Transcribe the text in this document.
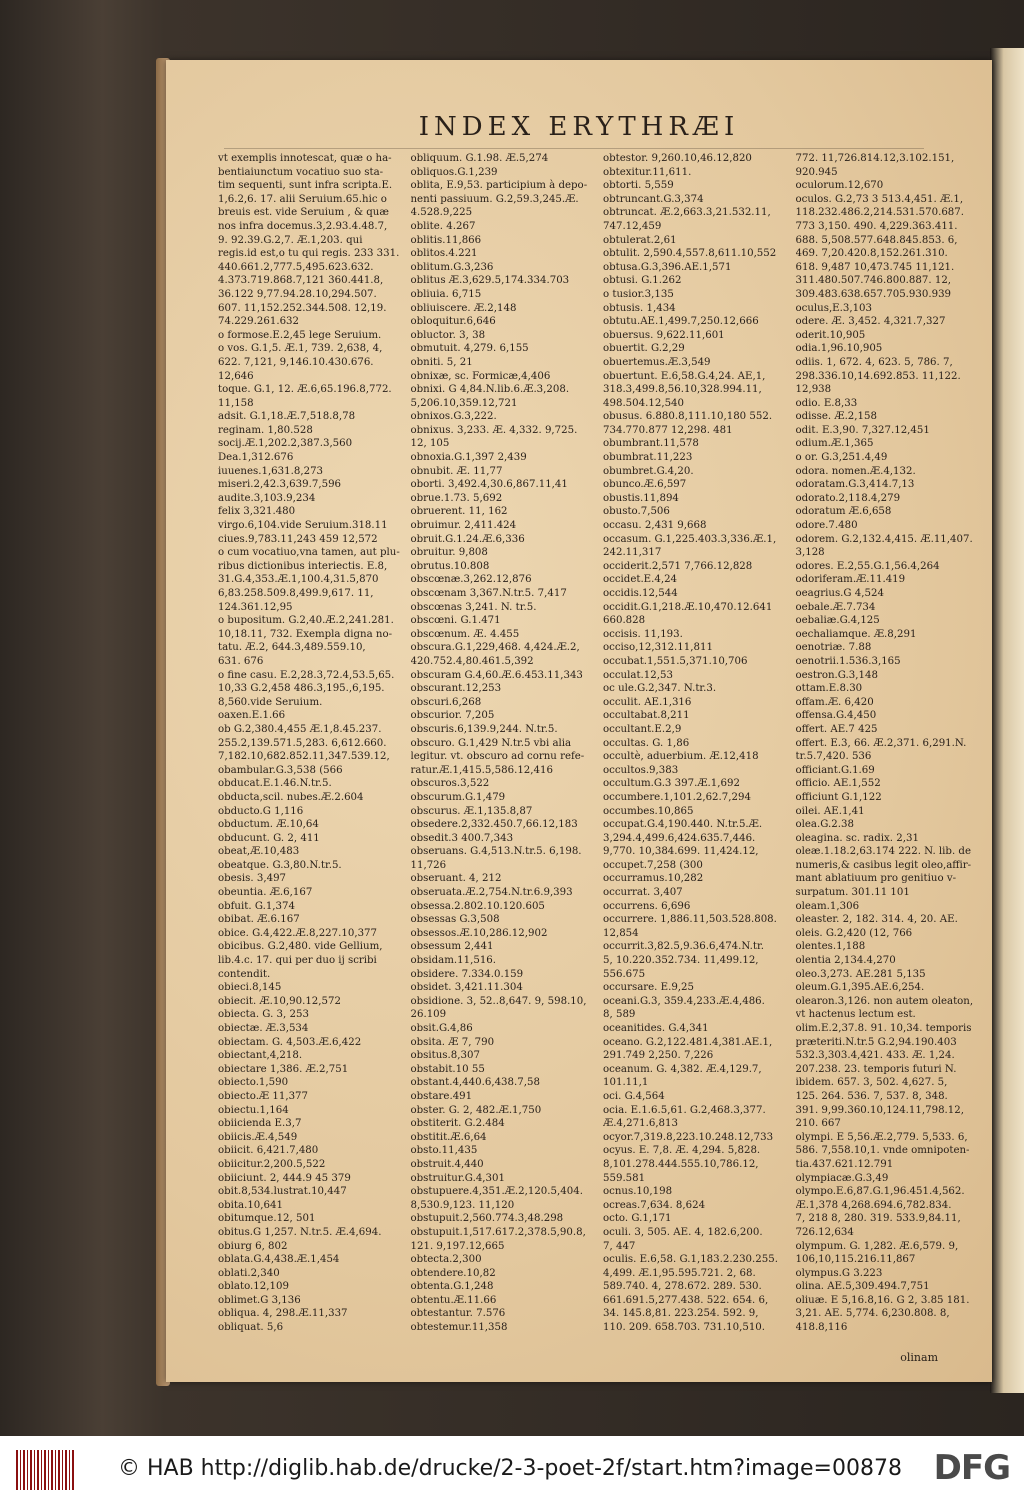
INDEX ERYTHRÆI
vt exemplis innotescat, quæ o ha-
bentiaiunctum vocatiuo suo sta-
tim sequenti, sunt infra scripta.E.
1,6.2,6. 17. alii Seruium.65.hic o
breuis est. vide Seruium , & quæ
nos infra docemus.3,2.93.4.48.7,
9. 92.39.G.2,7. Æ.1,203. qui
regis.id est,o tu qui regis. 233 331.
440.661.2,777.5,495.623.632.
4.373.719.868.7,121 360.441.8,
36.122 9,77.94.28.10,294.507.
607. 11,152.252.344.508. 12,19.
74.229.261.632
o formose.E.2,45 lege Seruium.
o vos. G.1,5. Æ.1, 739. 2,638, 4,
622. 7,121, 9,146.10.430.676.
12,646
toque. G.1, 12. Æ.6,65.196.8,772.
11,158
adsit. G.1,18.Æ.7,518.8,78
reginam. 1,80.528
socij.Æ.1,202.2,387.3,560
Dea.1,312.676
iuuenes.1,631.8,273
miseri.2,42.3,639.7,596
audite.3,103.9,234
felix 3,321.480
virgo.6,104.vide Seruium.318.11
ciues.9,783.11,243 459 12,572
o cum vocatiuo,vna tamen, aut plu-
ribus dictionibus interiectis. E.8,
31.G.4,353.Æ.1,100.4,31.5,870
6,83.258.509.8,499.9,617. 11,
124.361.12,95
o bupositum. G.2,40.Æ.2,241.281.
10,18.11, 732. Exempla digna no-
tatu. Æ.2, 644.3,489.559.10,
631. 676
o fine casu. E.2,28.3,72.4,53.5,65.
10,33 G.2,458 486.3,195.,6,195.
8,560.vide Seruium.
oaxen.E.1.66
ob G.2,380.4,455 Æ.1,8.45.237.
255.2,139.571.5,283. 6,612.660.
7,182.10,682.852.11,347.539.12,
obambular.G.3,538 (566
obducat.E.1.46.N.tr.5.
obducta,scil. nubes.Æ.2.604
obducto.G 1,116
obductum. Æ.10,64
obducunt. G. 2, 411
obeat,Æ.10,483
obeatque. G.3,80.N.tr.5.
obesis. 3,497
obeuntia. Æ.6,167
obfuit. G.1,374
obibat. Æ.6.167
obice. G.4,422.Æ.8,227.10,377
obicibus. G.2,480. vide Gellium,
lib.4.c. 17. qui per duo ij scribi
contendit.
obieci.8,145
obiecit. Æ.10,90.12,572
obiecta. G. 3, 253
obiectæ. Æ.3,534
obiectam. G. 4,503.Æ.6,422
obiectant,4,218.
obiectare 1,386. Æ.2,751
obiecto.1,590
obiecto.Æ 11,377
obiectu.1,164
obiicienda E.3,7
obiicis.Æ.4,549
obiicit. 6,421.7,480
obiicitur.2,200.5,522
obiiciunt. 2, 444.9 45 379
obit.8,534.lustrat.10,447
obita.10,641
obitumque.12, 501
obitus.G 1,257. N.tr.5. Æ.4,694.
obiurg 6, 802
oblata.G.4,438.Æ.1,454
oblati.2,340
oblato.12,109
oblimet.G 3,136
obliqua. 4, 298.Æ.11,337
obliquat. 5,6
obliquum. G.1.98. Æ.5,274
obliquos.G.1,239
oblita, E.9,53. participium à depo-
nenti passiuum. G.2,59.3,245.Æ.
4.528.9,225
oblite. 4.267
oblitis.11,866
oblitos.4.221
oblitum.G.3,236
oblitus Æ.3,629.5,174.334.703
obliuia. 6,715
obliuiscere. Æ.2,148
obloquitur.6,646
obluctor. 3, 38
obmutuit. 4,279. 6,155
obniti. 5, 21
obnixæ, sc. Formicæ,4,406
obnixi. G 4,84.N.lib.6.Æ.3,208.
5,206.10,359.12,721
obnixos.G.3,222.
obnixus. 3,233. Æ. 4,332. 9,725.
12, 105
obnoxia.G.1,397 2,439
obnubit. Æ. 11,77
oborti. 3,492.4,30.6,867.11,41
obrue.1.73. 5,692
obruerent. 11, 162
obruimur. 2,411.424
obruit.G.1.24.Æ.6,336
obruitur. 9,808
obrutus.10.808
obscœnæ.3,262.12,876
obscœnam 3,367.N.tr.5. 7,417
obscœnas 3,241. N. tr.5.
obscœni. G.1.471
obscœnum. Æ. 4.455
obscura.G.1,229,468. 4,424.Æ.2,
420.752.4,80.461.5,392
obscuram G.4,60.Æ.6.453.11,343
obscurant.12,253
obscuri.6,268
obscurior. 7,205
obscuris.6,139.9,244. N.tr.5.
obscuro. G.1,429 N.tr.5 vbi alia
legitur. vt. obscuro ad cornu refe-
ratur.Æ.1,415.5,586.12,416
obscuros.3,522
obscurum.G.1,479
obscurus. Æ.1,135.8,87
obsedere.2,332.450.7,66.12,183
obsedit.3 400.7,343
obseruans. G.4,513.N.tr.5. 6,198.
11,726
obseruant. 4, 212
obseruata.Æ.2,754.N.tr.6.9,393
obsessa.2.802.10.120.605
obsessas G.3,508
obsessos.Æ.10,286.12,902
obsessum 2,441
obsidam.11,516.
obsidere. 7.334.0.159
obsidet. 3,421.11.304
obsidione. 3, 52..8,647. 9, 598.10,
26.109
obsit.G.4,86
obsita. Æ 7, 790
obsitus.8,307
obstabit.10 55
obstant.4,440.6,438.7,58
obstare.491
obster. G. 2, 482.Æ.1,750
obstiterit. G.2.484
obstitit.Æ.6,64
obsto.11,435
obstruit.4,440
obstruitur.G.4,301
obstupuere.4,351.Æ.2,120.5,404.
8,530.9,123. 11,120
obstupuit.2,560.774.3,48.298
obstupuit.1,517.617.2,378.5,90.8,
121. 9,197.12,665
obtecta.2,300
obtendere.10,82
obtenta.G.1,248
obtentu.Æ.11.66
obtestantur. 7.576
obtestemur.11,358
obtestor. 9,260.10,46.12,820
obtexitur.11,611.
obtorti. 5,559
obtruncant.G.3,374
obtruncat. Æ.2,663.3,21.532.11,
747.12,459
obtulerat.2,61
obtulit. 2,590.4,557.8,611.10,552
obtusa.G.3,396.AE.1,571
obtusi. G.1.262
o tusior.3,135
obtusis. 1,434
obtutu.AE.1,499.7,250.12,666
obuersus. 9,622.11,601
obuertit. G.2,29
obuertemus.Æ.3,549
obuertunt. E.6,58.G.4,24. AE,1,
318.3,499.8,56.10,328.994.11,
498.504.12,540
obusus. 6.880.8,111.10,180 552.
734.770.877 12,298. 481
obumbrant.11,578
obumbrat.11,223
obumbret.G.4,20.
obunco.Æ.6,597
obustis.11,894
obusto.7,506
occasu. 2,431 9,668
occasum. G.1,225.403.3,336.Æ.1,
242.11,317
occiderit.2,571 7,766.12,828
occidet.E.4,24
occidis.12,544
occidit.G.1,218.Æ.10,470.12.641
660.828
occisis. 11,193.
occiso,12,312.11,811
occubat.1,551.5,371.10,706
occulat.12,53
oc ule.G.2,347. N.tr.3.
occulit. AE.1,316
occultabat.8,211
occultant.E.2,9
occultas. G. 1,86
occultè, aduerbium. Æ.12,418
occultos.9,383
occultum.G.3 397.Æ.1,692
occumbere.1,101.2,62.7,294
occumbes.10,865
occupat.G.4,190.440. N.tr.5.Æ.
3,294.4,499.6,424.635.7,446.
9,770. 10,384.699. 11,424.12,
occupet.7,258 (300
occurramus.10,282
occurrat. 3,407
occurrens. 6,696
occurrere. 1,886.11,503.528.808.
12,854
occurrit.3,82.5,9.36.6,474.N.tr.
5, 10.220.352.734. 11,499.12,
556.675
occursare. E.9,25
oceani.G.3, 359.4,233.Æ.4,486.
8, 589
oceanitides. G.4,341
oceano. G.2,122.481.4,381.AE.1,
291.749 2,250. 7,226
oceanum. G. 4,382. Æ.4,129.7,
101.11,1
oci. G.4,564
ocia. E.1.6.5,61. G.2,468.3,377.
Æ.4,271.6,813
ocyor.7,319.8,223.10.248.12,733
ocyus. E. 7,8. Æ. 4,294. 5,828.
8,101.278.444.555.10,786.12,
559.581
ocnus.10,198
ocreas.7,634. 8,624
octo. G.1,171
oculi. 3, 505. AE. 4, 182.6,200.
7, 447
oculis. E.6,58. G.1,183.2.230.255.
4,499. Æ.1,95.595.721. 2, 68.
589.740. 4, 278.672. 289. 530.
661.691.5,277.438. 522. 654. 6,
34. 145.8,81. 223.254. 592. 9,
110. 209. 658.703. 731.10,510.
772. 11,726.814.12,3.102.151,
920.945
oculorum.12,670
oculos. G.2,73 3 513.4,451. Æ.1,
118.232.486.2,214.531.570.687.
773 3,150. 490. 4,229.363.411.
688. 5,508.577.648.845.853. 6,
469. 7,20.420.8,152.261.310.
618. 9,487 10,473.745 11,121.
311.480.507.746.800.887. 12,
309.483.638.657.705.930.939
oculus,E.3,103
odere. Æ. 3,452. 4,321.7,327
oderit.10,905
odia.1,96.10,905
odiis. 1, 672. 4, 623. 5, 786. 7,
298.336.10,14.692.853. 11,122.
12,938
odio. E.8,33
odisse. Æ.2,158
odit. E.3,90. 7,327.12,451
odium.Æ.1,365
o or. G.3,251.4,49
odora. nomen.Æ.4,132.
odoratam.G.3,414.7,13
odorato.2,118.4,279
odoratum Æ.6,658
odore.7.480
odorem. G.2,132.4,415. Æ.11,407.
3,128
odores. E.2,55.G.1,56.4,264
odoriferam.Æ.11.419
oeagrius.G 4,524
oebale.Æ.7.734
oebaliæ.G.4,125
oechaliamque. Æ.8,291
oenotriæ. 7.88
oenotrii.1.536.3,165
oestron.G.3,148
ottam.E.8.30
offam.Æ. 6,420
offensa.G.4,450
offert. AE.7 425
offert. E.3, 66. Æ.2,371. 6,291.N.
tr.5.7,420. 536
officiant.G.1.69
officio. AE.1,552
officiunt G.1,122
oilei. AE.1,41
olea.G.2.38
oleagina. sc. radix. 2,31
oleæ.1.18.2,63.174 222. N. lib. de
numeris,& casibus legit oleo,affir-
mant ablatiuum pro genitiuo v-
surpatum. 301.11 101
oleam.1,306
oleaster. 2, 182. 314. 4, 20. AE.
oleis. G.2,420 (12, 766
olentes.1,188
olentia 2,134.4,270
oleo.3,273. AE.281 5,135
oleum.G.1,395.AE.6,254.
olearon.3,126. non autem oleaton,
vt hactenus lectum est.
olim.E.2,37.8. 91. 10,34. temporis
præteriti.N.tr.5 G.2,94.190.403
532.3,303.4,421. 433. Æ. 1,24.
207.238. 23. temporis futuri N.
ibidem. 657. 3, 502. 4,627. 5,
125. 264. 536. 7, 537. 8, 348.
391. 9,99.360.10,124.11,798.12,
210. 667
olympi. E 5,56.Æ.2,779. 5,533. 6,
586. 7,558.10,1. vnde omnipoten-
tia.437.621.12.791
olympiacæ.G.3,49
olympo.E.6,87.G.1,96.451.4,562.
Æ.1,378 4,268.694.6,782.834.
7, 218 8, 280. 319. 533.9,84.11,
726.12,634
olympum. G. 1,282. Æ.6,579. 9,
106,10,115.216.11,867
olympus.G 3.223
olina. AE.5,309.494.7,751
oliuæ. E 5,16.8,16. G 2, 3.85 181.
3,21. AE. 5,774. 6,230.808. 8,
418.8,116
olinam
© HAB http://diglib.hab.de/drucke/2-3-poet-2f/start.htm?image=00878 DFG
